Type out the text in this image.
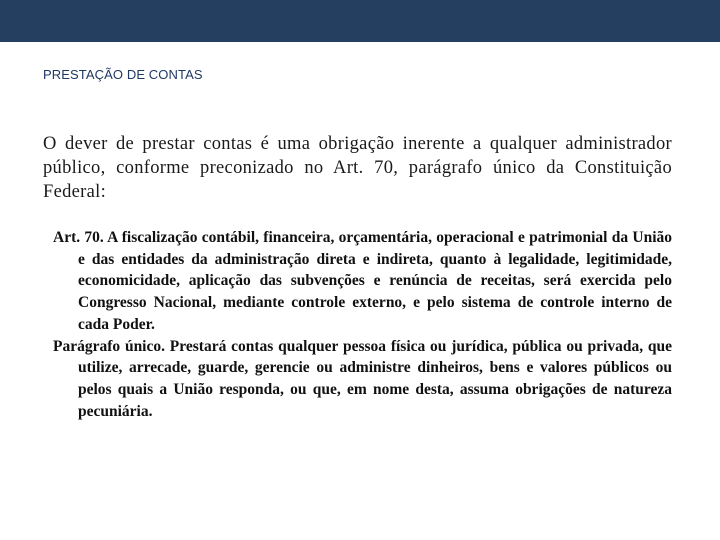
PRESTAÇÃO DE CONTAS
O dever de prestar contas é uma obrigação inerente a qualquer administrador público, conforme preconizado no Art. 70, parágrafo único da Constituição Federal:

Art. 70. A fiscalização contábil, financeira, orçamentária, operacional e patrimonial da União e das entidades da administração direta e indireta, quanto à legalidade, legitimidade, economicidade, aplicação das subvenções e renúncia de receitas, será exercida pelo Congresso Nacional, mediante controle externo, e pelo sistema de controle interno de cada Poder.

Parágrafo único. Prestará contas qualquer pessoa física ou jurídica, pública ou privada, que utilize, arrecade, guarde, gerencie ou administre dinheiros, bens e valores públicos ou pelos quais a União responda, ou que, em nome desta, assuma obrigações de natureza pecuniária.
